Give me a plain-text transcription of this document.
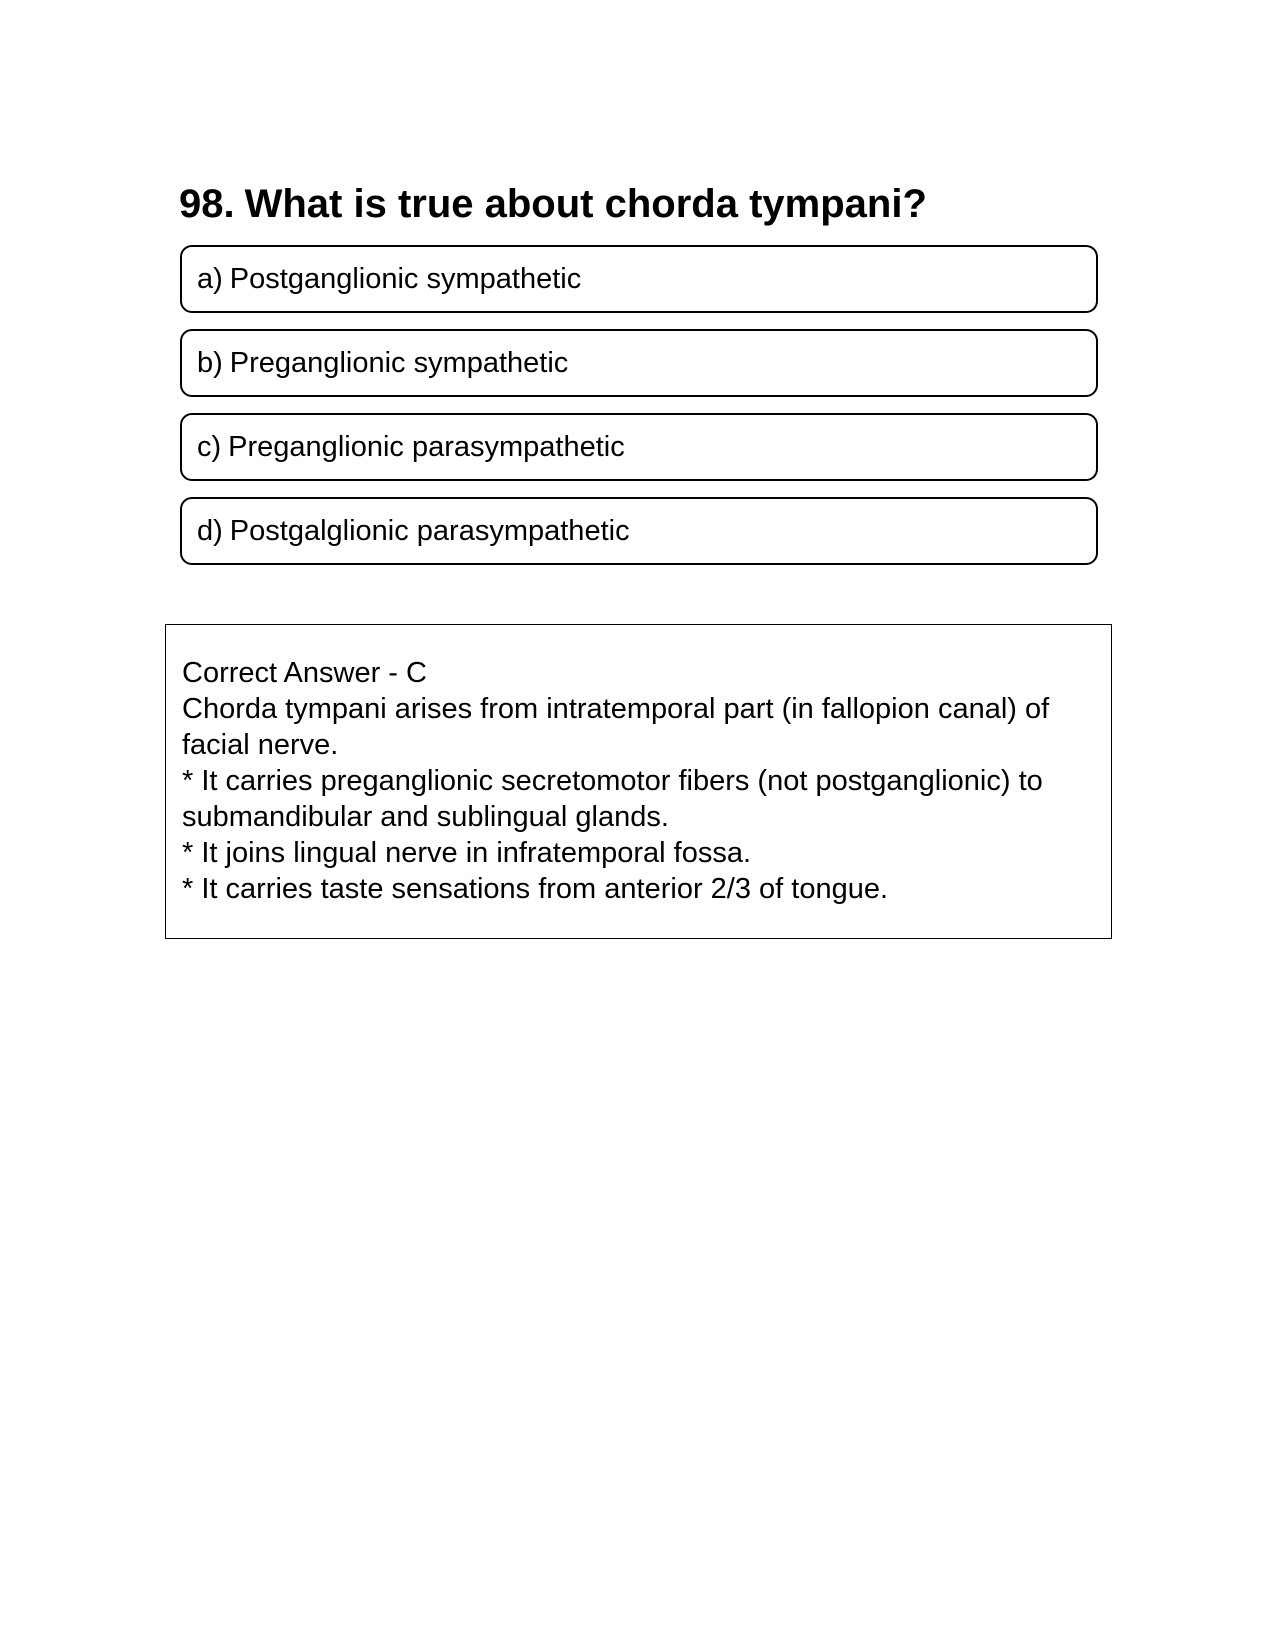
98. What is true about chorda tympani?
a) Postganglionic sympathetic
b) Preganglionic sympathetic
c) Preganglionic parasympathetic
d) Postgalglionic parasympathetic
Correct Answer - C
Chorda tympani arises from intratemporal part (in fallopion canal) of facial nerve.
* It carries preganglionic secretomotor fibers (not postganglionic) to submandibular and sublingual glands.
* It joins lingual nerve in infratemporal fossa.
* It carries taste sensations from anterior 2/3 of tongue.
